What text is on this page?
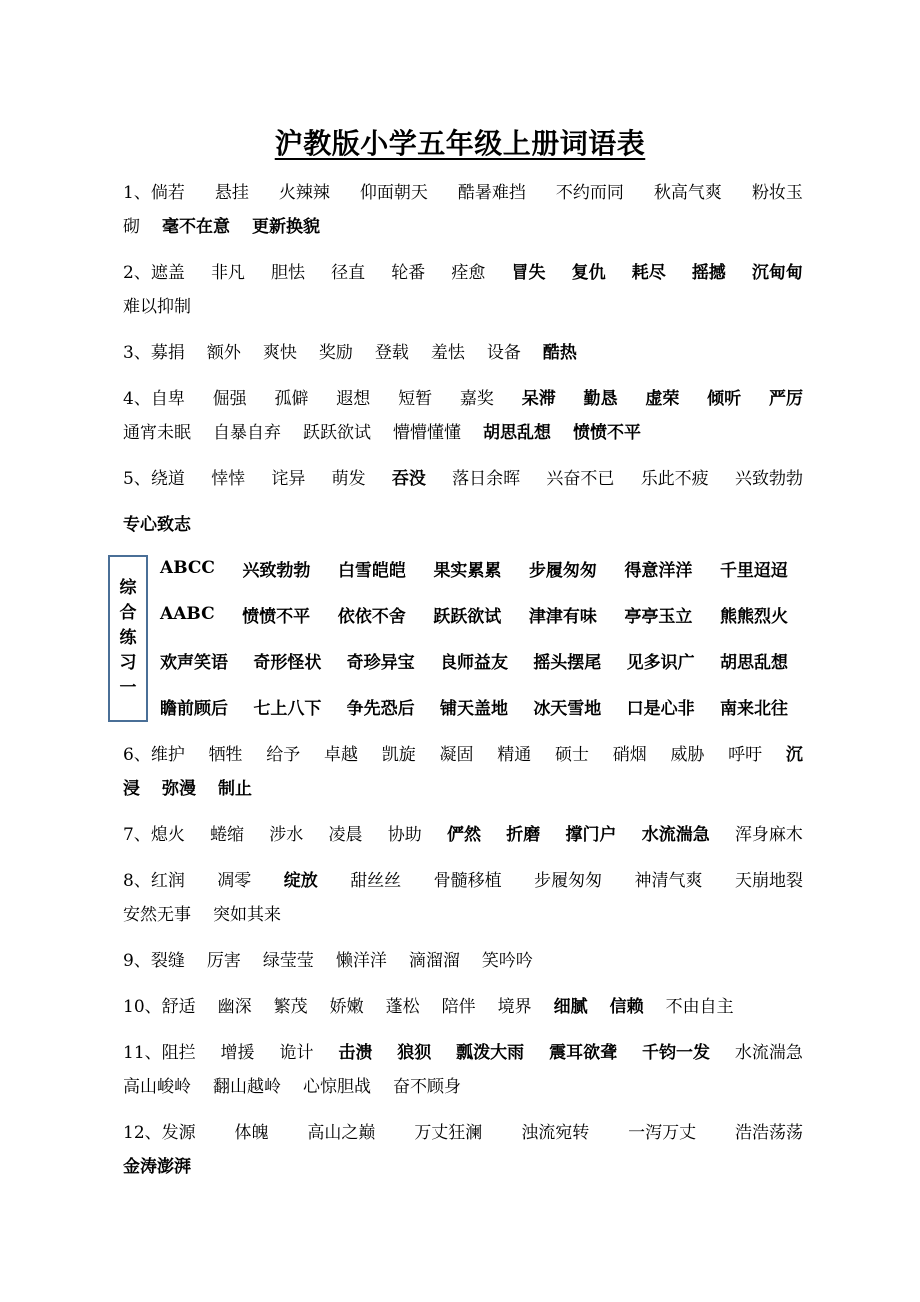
沪教版小学五年级上册词语表
1、倘若 悬挂 火辣辣 仰面朝天 酷暑难挡 不约而同 秋高气爽 粉妆玉
砌 毫不在意 更新换貌
2、遮盖 非凡 胆怯 径直 轮番 痊愈 冒失 复仇 耗尽 摇撼 沉甸甸
难以抑制
3、募捐 额外 爽快 奖励 登载 羞怯 设备 酷热
4、自卑 倔强 孤僻 遐想 短暂 嘉奖 呆滞 勤恳 虚荣 倾听 严厉
通宵未眠 自暴自弃 跃跃欲试 懵懵懂懂 胡思乱想 愤愤不平
5、绕道 悻悻 诧异 萌发 吞没 落日余晖 兴奋不已 乐此不疲 兴致勃勃
专心致志
6、维护 牺牲 给予 卓越 凯旋 凝固 精通 硕士 硝烟 威胁 呼吁 沉
浸 弥漫 制止
7、熄火 蜷缩 涉水 凌晨 协助 俨然 折磨 撑门户 水流湍急 浑身麻木
8、红润 凋零 绽放 甜丝丝 骨髓移植 步履匆匆 神清气爽 天崩地裂
安然无事 突如其来
9、裂缝 厉害 绿莹莹 懒洋洋 滴溜溜 笑吟吟
10、舒适 幽深 繁茂 娇嫩 蓬松 陪伴 境界 细腻 信赖 不由自主
11、阻拦 增援 诡计 击溃 狼狈 瓢泼大雨 震耳欲聋 千钧一发 水流湍急
高山峻岭 翻山越岭 心惊胆战 奋不顾身
12、发源 体魄 高山之巅 万丈狂澜 浊流宛转 一泻万丈 浩浩荡荡
金涛澎湃
综
合
练
习
一
ABCC 兴致勃勃 白雪皑皑 果实累累 步履匆匆 得意洋洋 千里迢迢
AABC 愤愤不平 依依不舍 跃跃欲试 津津有味 亭亭玉立 熊熊烈火
欢声笑语 奇形怪状 奇珍异宝 良师益友 摇头摆尾 见多识广 胡思乱想
瞻前顾后 七上八下 争先恐后 铺天盖地 冰天雪地 口是心非 南来北往
